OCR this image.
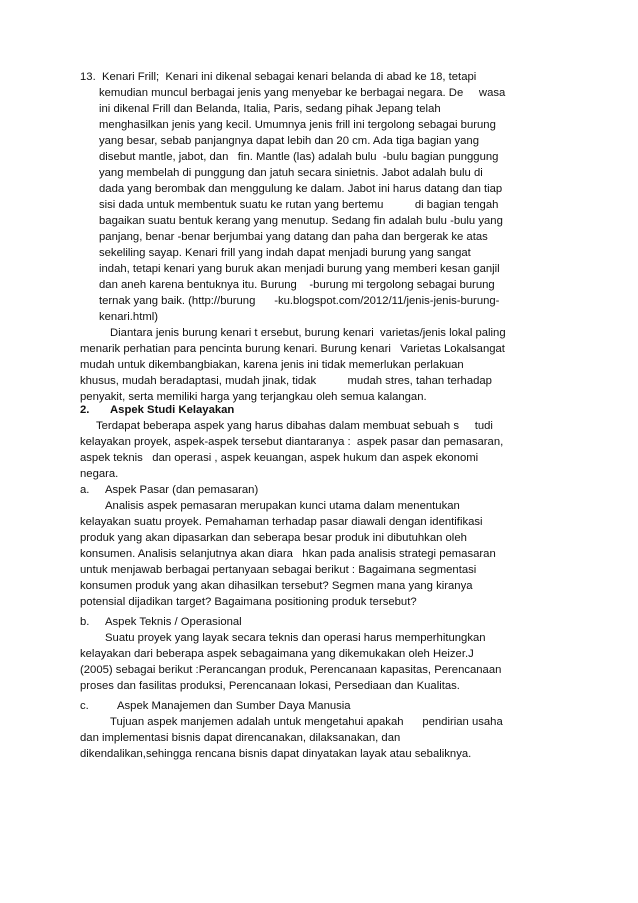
13.  Kenari Frill;  Kenari ini dikenal sebagai kenari belanda di abad ke 18, tetapi
kemudian muncul berbagai jenis yang menyebar ke berbagai negara. De     wasa
ini dikenal Frill dan Belanda, Italia, Paris, sedang pihak Jepang telah
menghasilkan jenis yang kecil. Umumnya jenis frill ini tergolong sebagai burung
yang besar, sebab panjangnya dapat lebih dan 20 cm. Ada tiga bagian yang
disebut mantle, jabot, dan   fin. Mantle (las) adalah bulu  -bulu bagian punggung
yang membelah di punggung dan jatuh secara sinietnis. Jabot adalah bulu di
dada yang berombak dan menggulung ke dalam. Jabot ini harus datang dan tiap
sisi dada untuk membentuk suatu ke rutan yang bertemu          di bagian tengah
bagaikan suatu bentuk kerang yang menutup. Sedang fin adalah bulu -bulu yang
panjang, benar -benar berjumbai yang datang dan paha dan bergerak ke atas
sekeliling sayap. Kenari frill yang indah dapat menjadi burung yang sangat
indah, tetapi kenari yang buruk akan menjadi burung yang memberi kesan ganjil
dan aneh karena bentuknya itu. Burung    -burung mi tergolong sebagai burung
ternak yang baik. (http://burung      -ku.blogspot.com/2012/11/jenis-jenis-burung-
kenari.html)
Diantara jenis burung kenari t ersebut, burung kenari  varietas/jenis lokal paling
menarik perhatian para pencinta burung kenari. Burung kenari   Varietas Lokalsangat
mudah untuk dikembangbiakan, karena jenis ini tidak memerlukan perlakuan
khusus, mudah beradaptasi, mudah jinak, tidak          mudah stres, tahan terhadap
penyakit, serta memiliki harga yang terjangkau oleh semua kalangan.
2. Aspek Studi Kelayakan
Terdapat beberapa aspek yang harus dibahas dalam membuat sebuah s     tudi
kelayakan proyek, aspek-aspek tersebut diantaranya :  aspek pasar dan pemasaran,
aspek teknis   dan operasi , aspek keuangan, aspek hukum dan aspek ekonomi
negara.
a. Aspek Pasar (dan pemasaran)
Analisis aspek pemasaran merupakan kunci utama dalam menentukan
kelayakan suatu proyek. Pemahaman terhadap pasar diawali dengan identifikasi
produk yang akan dipasarkan dan seberapa besar produk ini dibutuhkan oleh
konsumen. Analisis selanjutnya akan diara   hkan pada analisis strategi pemasaran
untuk menjawab berbagai pertanyaan sebagai berikut : Bagaimana segmentasi
konsumen produk yang akan dihasilkan tersebut? Segmen mana yang kiranya
potensial dijadikan target? Bagaimana positioning produk tersebut?
b. Aspek Teknis / Operasional
Suatu proyek yang layak secara teknis dan operasi harus memperhitungkan
kelayakan dari beberapa aspek sebagaimana yang dikemukakan oleh Heizer.J
(2005) sebagai berikut :Perancangan produk, Perencanaan kapasitas, Perencanaan
proses dan fasilitas produksi, Perencanaan lokasi, Persediaan dan Kualitas.
c. Aspek Manajemen dan Sumber Daya Manusia
Tujuan aspek manjemen adalah untuk mengetahui apakah      pendirian usaha
dan implementasi bisnis dapat direncanakan, dilaksanakan, dan
dikendalikan,sehingga rencana bisnis dapat dinyatakan layak atau sebaliknya.
